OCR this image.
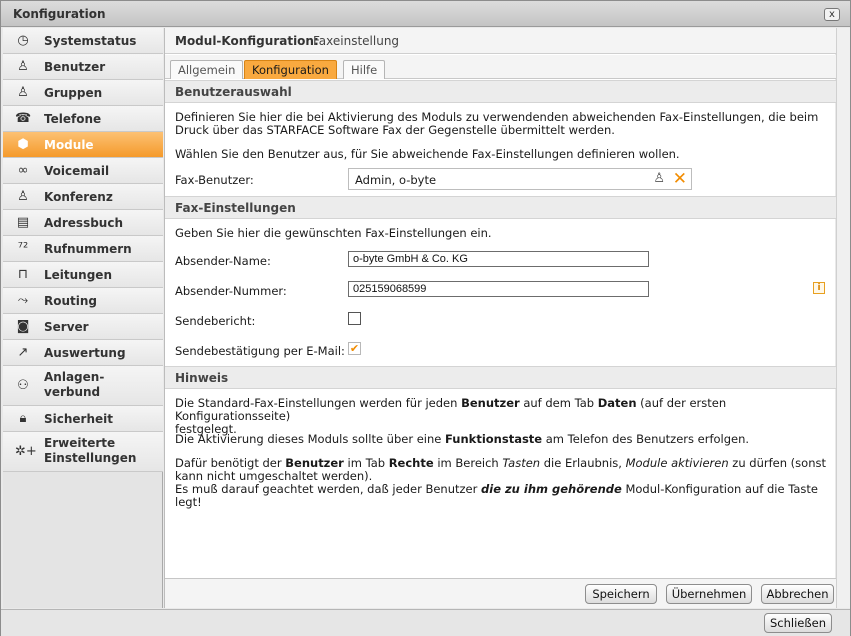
Konfiguration	x
◷ Systemstatus
♙ Benutzer
♙ Gruppen
☎ Telefone
⬢ Module
∞ Voicemail
♙ Konferenz
▤ Adressbuch
⁷² Rufnummern
⊓ Leitungen
⤳ Routing
◙ Server
↗ Auswertung
⚇
Anlagen-
verbund
🔒︎	Sicherheit
✲+
Erweiterte
Einstellungen
Modul-Konfiguration:
Faxeinstellung
Allgemein	Konfiguration	Hilfe
Benutzerauswahl
Definieren Sie hier die bei Aktivierung des Moduls zu verwendenden abweichenden Fax-Einstellungen, die beim Druck über das STARFACE Software Fax der Gegenstelle übermittelt werden.
Wählen Sie den Benutzer aus, für Sie abweichende Fax-Einstellungen definieren wollen.
Fax-Benutzer:	Admin, o-byte	♙ ✕
Fax-Einstellungen
Geben Sie hier die gewünschten Fax-Einstellungen ein.
Absender-Name:
o-byte GmbH & Co. KG
Absender-Nummer:
025159068599	i
Sendebericht:
Sendebestätigung per E-Mail: ✔
Hinweis
Die Standard-Fax-Einstellungen werden für jeden Benutzer auf dem Tab Daten (auf der ersten Konfigurationsseite)
festgelegt.
Die Aktivierung dieses Moduls sollte über eine Funktionstaste am Telefon des Benutzers erfolgen.
Dafür benötigt der Benutzer im Tab Rechte im Bereich Tasten die Erlaubnis, Module aktivieren zu dürfen (sonst
kann nicht umgeschaltet werden).
Es muß darauf geachtet werden, daß jeder Benutzer die zu ihm gehörende Modul-Konfiguration auf die Taste legt!
Speichern	Übernehmen	Abbrechen
Schließen
